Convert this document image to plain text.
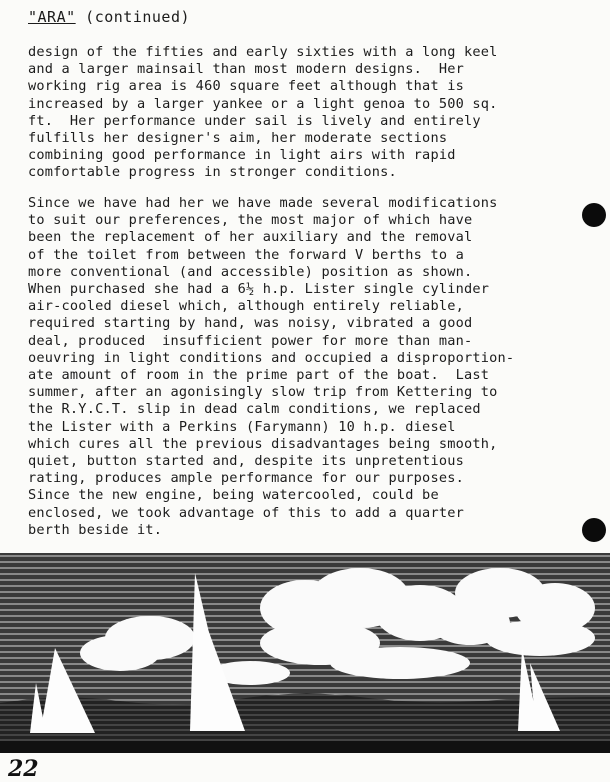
"ARA" (continued)
design of the fifties and early sixties with a long keel
and a larger mainsail than most modern designs.  Her
working rig area is 460 square feet although that is
increased by a larger yankee or a light genoa to 500 sq.
ft.  Her performance under sail is lively and entirely
fulfills her designer's aim, her moderate sections
combining good performance in light airs with rapid
comfortable progress in stronger conditions.
Since we have had her we have made several modifications
to suit our preferences, the most major of which have
been the replacement of her auxiliary and the removal
of the toilet from between the forward V berths to a
more conventional (and accessible) position as shown.
When purchased she had a 6½ h.p. Lister single cylinder
air-cooled diesel which, although entirely reliable,
required starting by hand, was noisy, vibrated a good
deal, produced  insufficient power for more than man-
oeuvring in light conditions and occupied a disproportion-
ate amount of room in the prime part of the boat.  Last
summer, after an agonisingly slow trip from Kettering to
the R.Y.C.T. slip in dead calm conditions, we replaced
the Lister with a Perkins (Farymann) 10 h.p. diesel
which cures all the previous disadvantages being smooth,
quiet, button started and, despite its unpretentious
rating, produces ample performance for our purposes.
Since the new engine, being watercooled, could be
enclosed, we took advantage of this to add a quarter
berth beside it.
22
